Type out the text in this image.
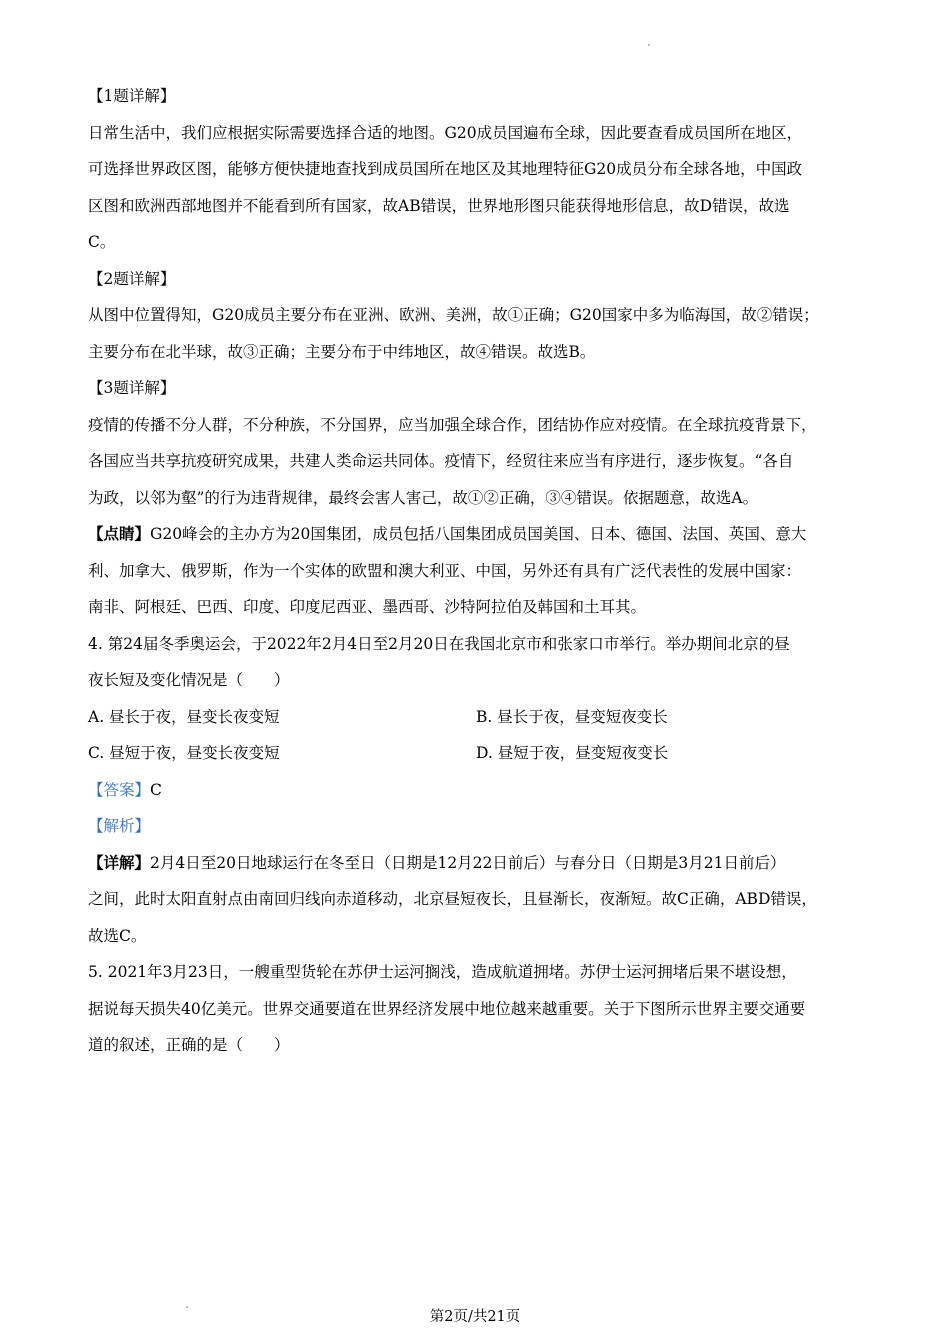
【1题详解】
日常生活中，我们应根据实际需要选择合适的地图。G20成员国遍布全球，因此要查看成员国所在地区，
可选择世界政区图，能够方便快捷地查找到成员国所在地区及其地理特征G20成员分布全球各地，中国政
区图和欧洲西部地图并不能看到所有国家，故AB错误，世界地形图只能获得地形信息，故D错误，故选
C。
【2题详解】
从图中位置得知，G20成员主要分布在亚洲、欧洲、美洲，故①正确；G20国家中多为临海国，故②错误；
主要分布在北半球，故③正确；主要分布于中纬地区，故④错误。故选B。
【3题详解】
疫情的传播不分人群，不分种族，不分国界，应当加强全球合作，团结协作应对疫情。在全球抗疫背景下，
各国应当共享抗疫研究成果，共建人类命运共同体。疫情下，经贸往来应当有序进行，逐步恢复。“各自
为政，以邻为壑”的行为违背规律，最终会害人害己，故①②正确，③④错误。依据题意，故选A。
【点睛】G20峰会的主办方为20国集团，成员包括八国集团成员国美国、日本、德国、法国、英国、意大
利、加拿大、俄罗斯，作为一个实体的欧盟和澳大利亚、中国，另外还有具有广泛代表性的发展中国家：
南非、阿根廷、巴西、印度、印度尼西亚、墨西哥、沙特阿拉伯及韩国和土耳其。
4. 第24届冬季奥运会，于2022年2月4日至2月20日在我国北京市和张家口市举行。举办期间北京的昼
夜长短及变化情况是（　　）
A. 昼长于夜，昼变长夜变短	B. 昼长于夜，昼变短夜变长
C. 昼短于夜，昼变长夜变短	D. 昼短于夜，昼变短夜变长
【答案】C
【解析】
【详解】2月4日至20日地球运行在冬至日（日期是12月22日前后）与春分日（日期是3月21日前后）
之间，此时太阳直射点由南回归线向赤道移动，北京昼短夜长，且昼渐长，夜渐短。故C正确，ABD错误，
故选C。
5. 2021年3月23日，一艘重型货轮在苏伊士运河搁浅，造成航道拥堵。苏伊士运河拥堵后果不堪设想，
据说每天损失40亿美元。世界交通要道在世界经济发展中地位越来越重要。关于下图所示世界主要交通要
道的叙述，正确的是（　　）
第2页/共21页
